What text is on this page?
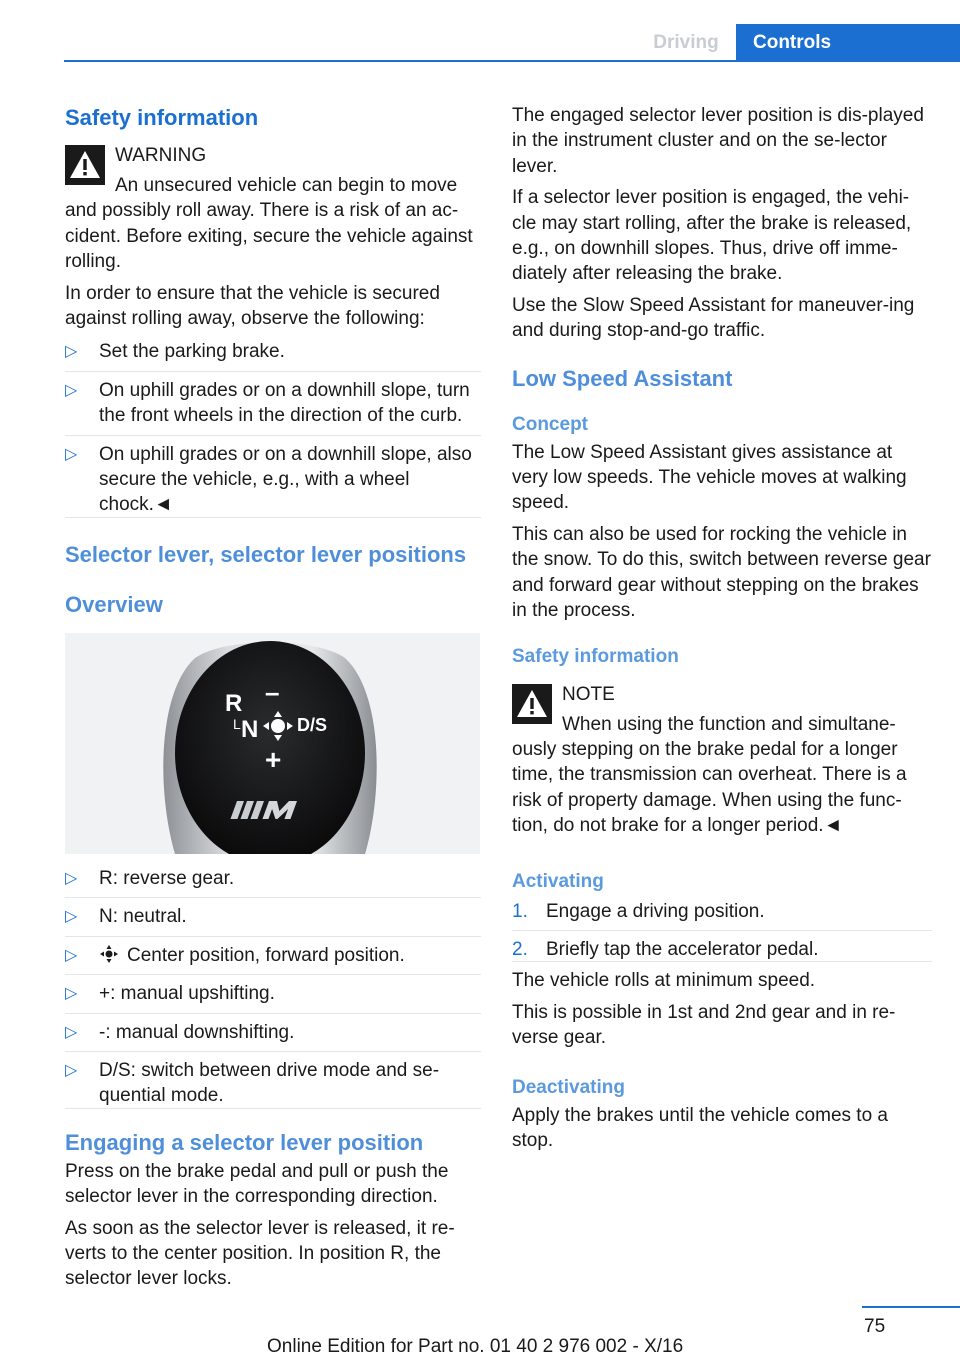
Driving	Controls
Safety information

WARNING

An unsecured vehicle can begin to move

and possibly roll away. There is a risk of an ac-cident. Before exiting, secure the vehicle against rolling.

In order to ensure that the vehicle is secured against rolling away, observe the following:

▷ Set the parking brake.
▷ On uphill grades or on a downhill slope, turn the front wheels in the direction of the curb.
▷ On uphill grades or on a downhill slope, also secure the vehicle, e.g., with a wheel chock.◄
Selector lever, selector lever positions
Overview
R –
L N D/S
+
▷ R: reverse gear.
▷ N: neutral.
▷	Center position, forward position.
▷ +: manual upshifting.
▷ -: manual downshifting.
▷ D/S: switch between drive mode and se-quential mode.
Engaging a selector lever position

Press on the brake pedal and pull or push the selector lever in the corresponding direction.

As soon as the selector lever is released, it re-verts to the center position. In position R, the selector lever locks.

The engaged selector lever position is dis-played in the instrument cluster and on the se-lector lever.

If a selector lever position is engaged, the vehi-cle may start rolling, after the brake is released, e.g., on downhill slopes. Thus, drive off imme-diately after releasing the brake.

Use the Slow Speed Assistant for maneuver-ing and during stop-and-go traffic.

Low Speed Assistant
Concept

The Low Speed Assistant gives assistance at very low speeds. The vehicle moves at walking speed.

This can also be used for rocking the vehicle in the snow. To do this, switch between reverse gear and forward gear without stepping on the brakes in the process.

Safety information

NOTE

When using the function and simultane-

ously stepping on the brake pedal for a longer time, the transmission can overheat. There is a risk of property damage. When using the func-tion, do not brake for a longer period.◄

Activating
1. Engage a driving position.
2. Briefly tap the accelerator pedal.

The vehicle rolls at minimum speed.

This is possible in 1st and 2nd gear and in re-verse gear.

Deactivating

Apply the brakes until the vehicle comes to a stop.

75
Online Edition for Part no. 01 40 2 976 002 - X/16
